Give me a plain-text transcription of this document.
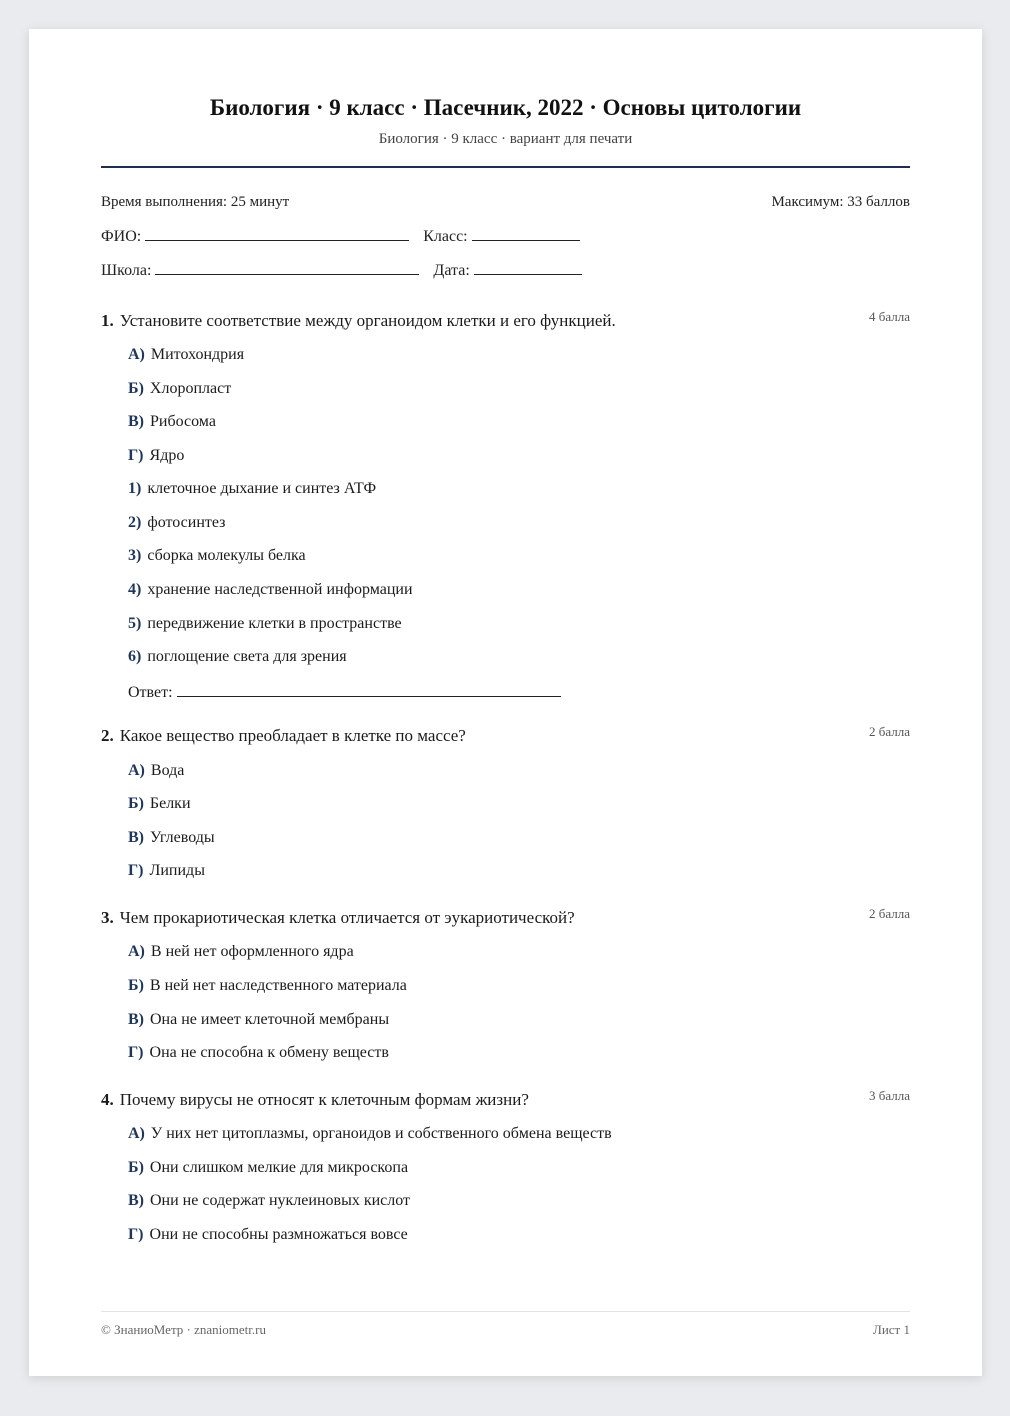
Биология · 9 класс · Пасечник, 2022 · Основы цитологии
Биология · 9 класс · вариант для печати
Время выполнения: 25 минут	Максимум: 33 баллов
ФИО:	Класс:
Школа:	Дата:
1. Установите соответствие между органоидом клетки и его функцией.	4 балла
А) Митохондрия
Б) Хлоропласт
В) Рибосома
Г) Ядро
1) клеточное дыхание и синтез АТФ
2) фотосинтез
3) сборка молекулы белка
4) хранение наследственной информации
5) передвижение клетки в пространстве
6) поглощение света для зрения
Ответ:
2. Какое вещество преобладает в клетке по массе?	2 балла
А) Вода
Б) Белки
В) Углеводы
Г) Липиды
3. Чем прокариотическая клетка отличается от эукариотической?	2 балла
А) В ней нет оформленного ядра
Б) В ней нет наследственного материала
В) Она не имеет клеточной мембраны
Г) Она не способна к обмену веществ
4. Почему вирусы не относят к клеточным формам жизни?	3 балла
А) У них нет цитоплазмы, органоидов и собственного обмена веществ
Б) Они слишком мелкие для микроскопа
В) Они не содержат нуклеиновых кислот
Г) Они не способны размножаться вовсе
© ЗнаниоМетр · znaniometr.ru	Лист 1
